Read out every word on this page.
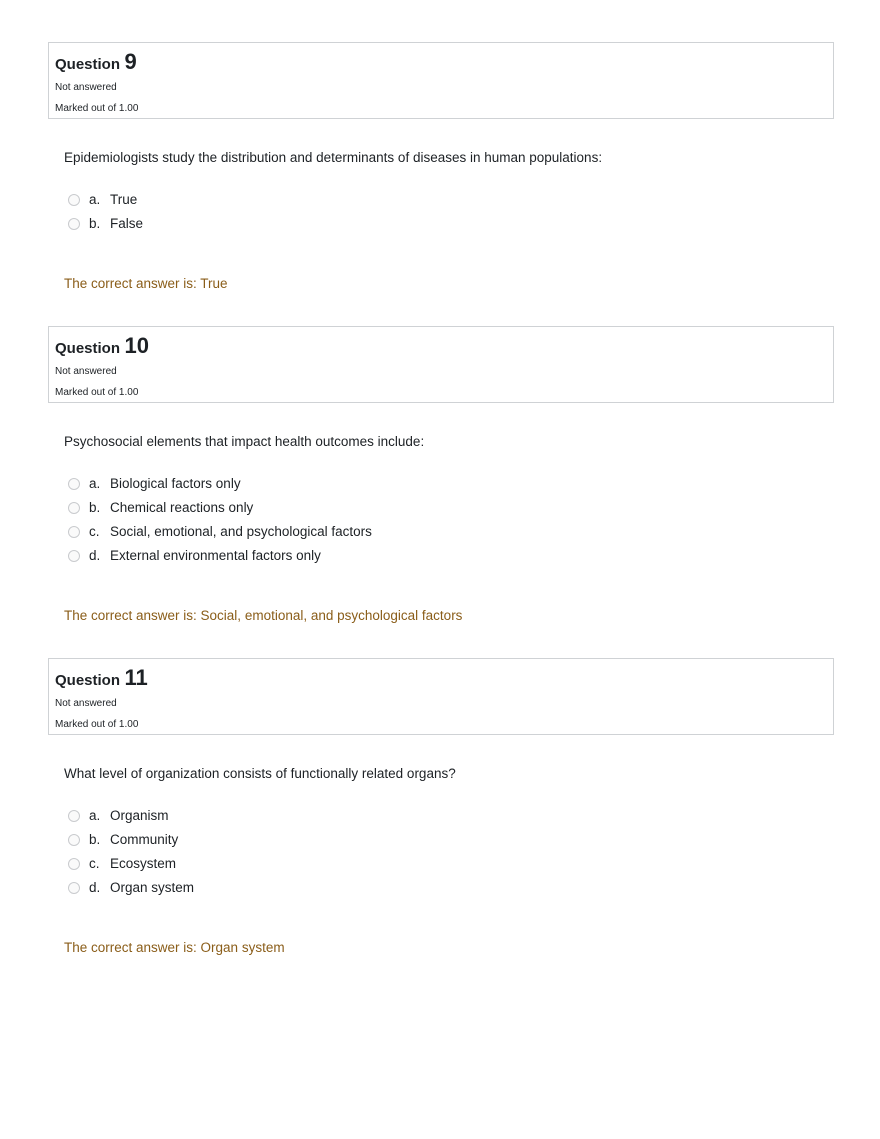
Question 9
Not answered
Marked out of 1.00
Epidemiologists study the distribution and determinants of diseases in human populations:
a. True
b. False
The correct answer is: True
Question 10
Not answered
Marked out of 1.00
Psychosocial elements that impact health outcomes include:
a. Biological factors only
b. Chemical reactions only
c. Social, emotional, and psychological factors
d. External environmental factors only
The correct answer is: Social, emotional, and psychological factors
Question 11
Not answered
Marked out of 1.00
What level of organization consists of functionally related organs?
a. Organism
b. Community
c. Ecosystem
d. Organ system
The correct answer is: Organ system
